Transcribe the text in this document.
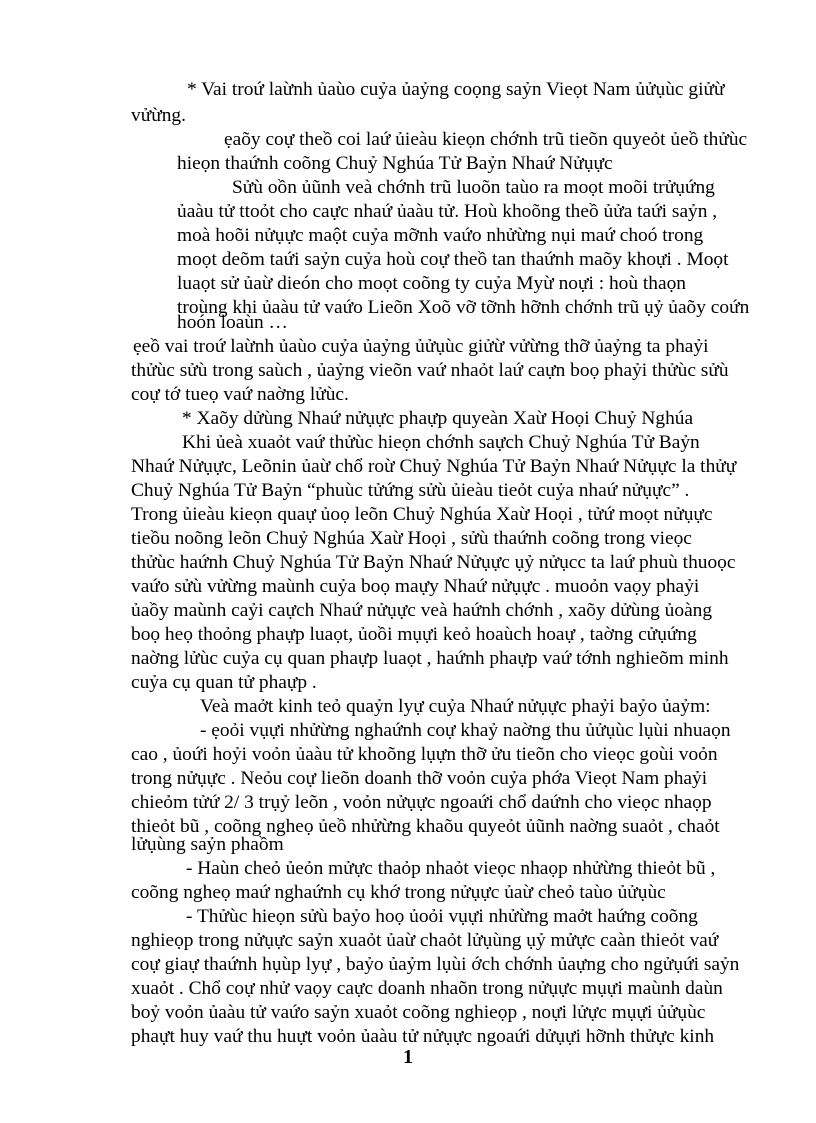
* Vai troứ laừnh ủaùo cuỷa ủaỷng coọng saỷn Vieọt Nam ủửụùc giửừ
vửừng.
ẹaõy coự theồ coi laứ ủieàu kieọn chớnh trũ tieõn quyeỏt ủeồ thửùc
hieọn thaứnh coõng Chuỷ Nghúa Tử Baỷn Nhaứ Nửụực
Sửù oồn ủũnh veà chớnh trũ luoõn taùo ra moọt moõi trửụứng
ủaàu tử ttoỏt cho caực nhaứ ủaàu tử. Hoù khoõng theồ ủửa taứi saỷn ,
moà hoõi nửụực maột cuỷa mỡnh vaứo nhửừng nụi maứ choó trong
moọt deõm taứi saỷn cuỷa hoù coự theồ tan thaứnh maõy khoựi . Moọt
luaọt sử ủaừ dieón cho moọt coõng ty cuỷa Myừ noựi : hoù thaọn
troùng khi ủaàu tử vaứo Lieõn Xoõ vỡ tỡnh hỡnh chớnh trũ ụỷ ủaõy coứn
hoón loaùn …
ẹeồ vai troứ laừnh ủaùo cuỷa ủaỷng ủửụùc giửừ vửừng thỡ ủaỷng ta phaỷi
thửùc sửù trong saùch , ủaỷng vieõn vaứ nhaỏt laứ caựn boọ phaỷi thửùc sửù
coự tớ tueọ vaứ naờng lửùc.
* Xaõy dửùng Nhaứ nửụực phaựp quyeàn Xaừ Hoọi Chuỷ Nghúa
Khi ủeà xuaỏt vaứ thửùc hieọn chớnh saựch Chuỷ Nghúa Tử Baỷn
Nhaứ Nửụực, Leõnin ủaừ chổ roừ Chuỷ Nghúa Tử Baỷn Nhaứ Nửụực la thửự
Chuỷ Nghúa Tử Baỷn “phuùc tửứng sửù ủieàu tieỏt cuỷa nhaứ nửụực” .
Trong ủieàu kieọn quaự ủoọ leõn Chuỷ Nghúa Xaừ Hoọi , tửứ moọt nửụực
tieồu noõng leõn Chuỷ Nghúa Xaừ Hoọi , sửù thaứnh coõng trong vieọc
thửùc haứnh Chuỷ Nghúa Tử Baỷn Nhaứ Nửụực ụỷ nửụcc ta laứ phuù thuoọc
vaứo sửù vửừng maùnh cuỷa boọ maựy Nhaứ nửụực . muoỏn vaọy phaỷi
ủaồy maùnh caỷi caựch Nhaứ nửụực veà haứnh chớnh , xaõy dửùng ủoàng
boọ heọ thoỏng phaựp luaọt, ủoồi mụựi keỏ hoaùch hoaự , taờng cửụứng
naờng lửùc cuỷa cụ quan phaựp luaọt , haứnh phaựp vaứ tớnh nghieõm minh
cuỷa cụ quan tử phaựp .
Veà maởt kinh teỏ quaỷn lyự cuỷa Nhaứ nửụực phaỷi baỷo ủaỷm:
- ẹoỏi vụựi nhửừng nghaứnh coự khaỷ naờng thu ủửụùc lụùi nhuaọn
cao , ủoứi hoỷi voỏn ủaàu tử khoõng lụựn thỡ ửu tieõn cho vieọc goùi voỏn
trong nửụực . Neỏu coự lieõn doanh thỡ voỏn cuỷa phớa Vieọt Nam phaỷi
chieỏm tửứ 2/ 3 trụỷ leõn , voỏn nửụực ngoaứi chổ daứnh cho vieọc nhaọp
thieỏt bũ , coõng ngheọ ủeồ nhửừng khaõu quyeỏt ủũnh naờng suaỏt , chaỏt
lửụùng saỷn phaồm
- Haùn cheỏ ủeỏn mửực thaỏp nhaỏt vieọc nhaọp nhửừng thieỏt bũ ,
coõng ngheọ maứ nghaứnh cụ khớ trong nửụực ủaừ cheỏ taùo ủửụùc
- Thửùc hieọn sửù baỷo hoọ ủoỏi vụựi nhửừng maởt haứng coõng
nghieọp trong nửụực saỷn xuaỏt ủaừ chaỏt lửụùng ụỷ mửực caàn thieỏt vaứ
coự giaự thaứnh hụùp lyự , baỷo ủaỷm lụùi ớch chớnh ủaựng cho ngửụứi saỷn
xuaỏt . Chổ coự nhử vaọy caực doanh nhaõn trong nửụực mụựi maùnh daùn
boỷ voỏn ủaàu tử vaứo saỷn xuaỏt coõng nghieọp , noựi lửực mụựi ủửụùc
phaựt huy vaứ thu huựt voỏn ủaàu tử nửụực ngoaứi dửụựi hỡnh thửực kinh
1
